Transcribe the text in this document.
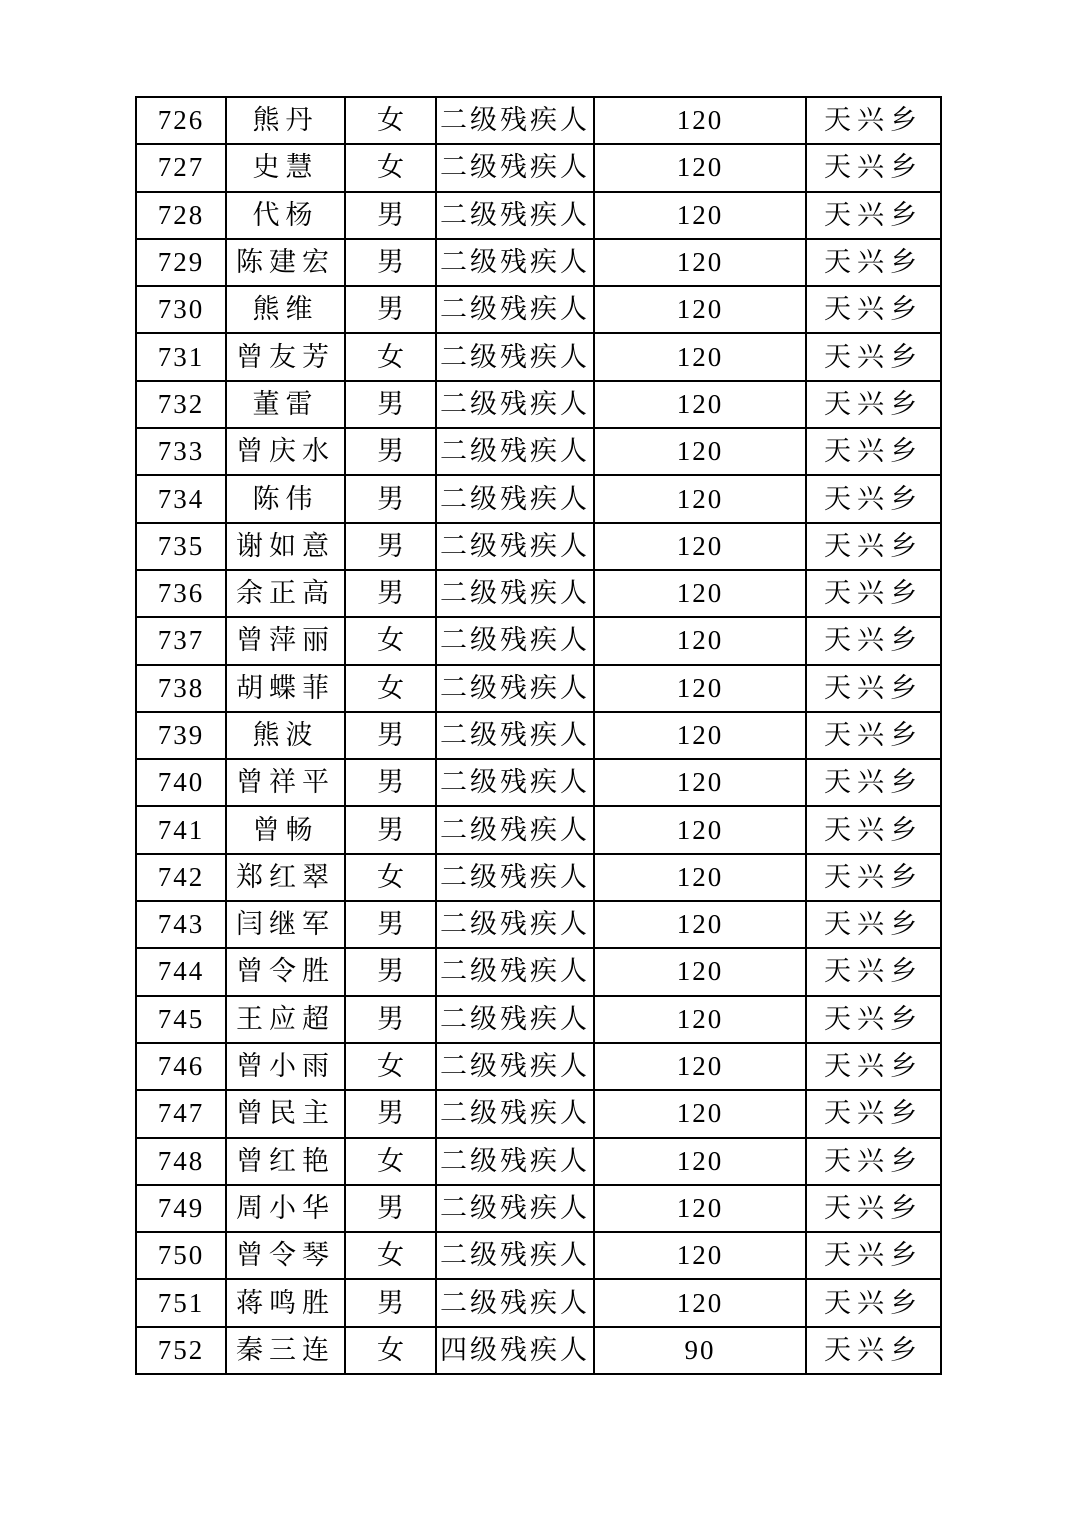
726	熊丹	女	二级残疾人	120	天兴乡
727	史慧	女	二级残疾人	120	天兴乡
728	代杨	男	二级残疾人	120	天兴乡
729	陈建宏	男	二级残疾人	120	天兴乡
730	熊维	男	二级残疾人	120	天兴乡
731	曾友芳	女	二级残疾人	120	天兴乡
732	董雷	男	二级残疾人	120	天兴乡
733	曾庆水	男	二级残疾人	120	天兴乡
734	陈伟	男	二级残疾人	120	天兴乡
735	谢如意	男	二级残疾人	120	天兴乡
736	余正高	男	二级残疾人	120	天兴乡
737	曾萍丽	女	二级残疾人	120	天兴乡
738	胡蝶菲	女	二级残疾人	120	天兴乡
739	熊波	男	二级残疾人	120	天兴乡
740	曾祥平	男	二级残疾人	120	天兴乡
741	曾畅	男	二级残疾人	120	天兴乡
742	郑红翠	女	二级残疾人	120	天兴乡
743	闫继军	男	二级残疾人	120	天兴乡
744	曾令胜	男	二级残疾人	120	天兴乡
745	王应超	男	二级残疾人	120	天兴乡
746	曾小雨	女	二级残疾人	120	天兴乡
747	曾民主	男	二级残疾人	120	天兴乡
748	曾红艳	女	二级残疾人	120	天兴乡
749	周小华	男	二级残疾人	120	天兴乡
750	曾令琴	女	二级残疾人	120	天兴乡
751	蒋鸣胜	男	二级残疾人	120	天兴乡
752	秦三连	女	四级残疾人	90	天兴乡
